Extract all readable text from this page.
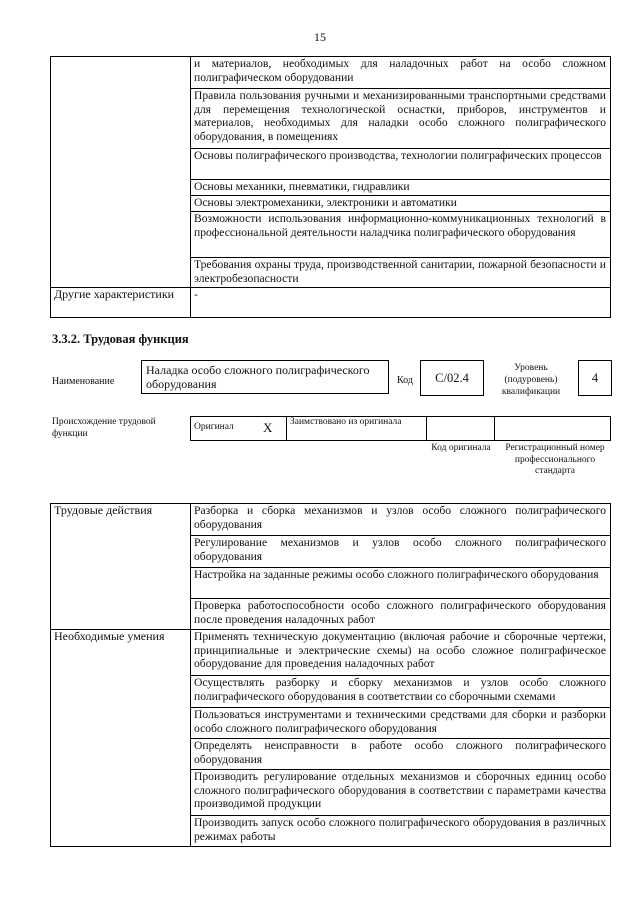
15
	и материалов, необходимых для наладочных работ на особо сложном полиграфическом оборудовании
	Правила пользования ручными и механизированными транспортными средствами для перемещения технологической оснастки, приборов, инструментов и материалов, необходимых для наладки особо сложного полиграфического оборудования, в помещениях
	Основы полиграфического производства, технологии полиграфических процессов
	Основы механики, пневматики, гидравлики
	Основы электромеханики, электроники и автоматики
	Возможности использования информационно-коммуникационных технологий в профессиональной деятельности наладчика полиграфического оборудования
	Требования охраны труда, производственной санитарии, пожарной безопасности и электробезопасности
Другие характеристики	-
3.3.2. Трудовая функция
Наименование
Наладка особо сложного полиграфического оборудования	Код	C/02.4
Уровень (подуровень) квалификации
4
Происхождение трудовой функции
Оригинал	X	Заимствовано из оригинала		
Код оригинала	Регистрационный номер профессионального стандарта
Трудовые действия	Разборка и сборка механизмов и узлов особо сложного полиграфического оборудования
	Регулирование механизмов и узлов особо сложного полиграфического оборудования
	Настройка на заданные режимы особо сложного полиграфического оборудования
	Проверка работоспособности особо сложного полиграфического оборудования после проведения наладочных работ
Необходимые умения	Применять техническую документацию (включая рабочие и сборочные чертежи, принципиальные и электрические схемы) на особо сложное полиграфическое оборудование для проведения наладочных работ
	Осуществлять разборку и сборку механизмов и узлов особо сложного полиграфического оборудования в соответствии со сборочными схемами
	Пользоваться инструментами и техническими средствами для сборки и разборки особо сложного полиграфического оборудования
	Определять неисправности в работе особо сложного полиграфического оборудования
	Производить регулирование отдельных механизмов и сборочных единиц особо сложного полиграфического оборудования в соответствии с параметрами качества производимой продукции
	Производить запуск особо сложного полиграфического оборудования в различных режимах работы
